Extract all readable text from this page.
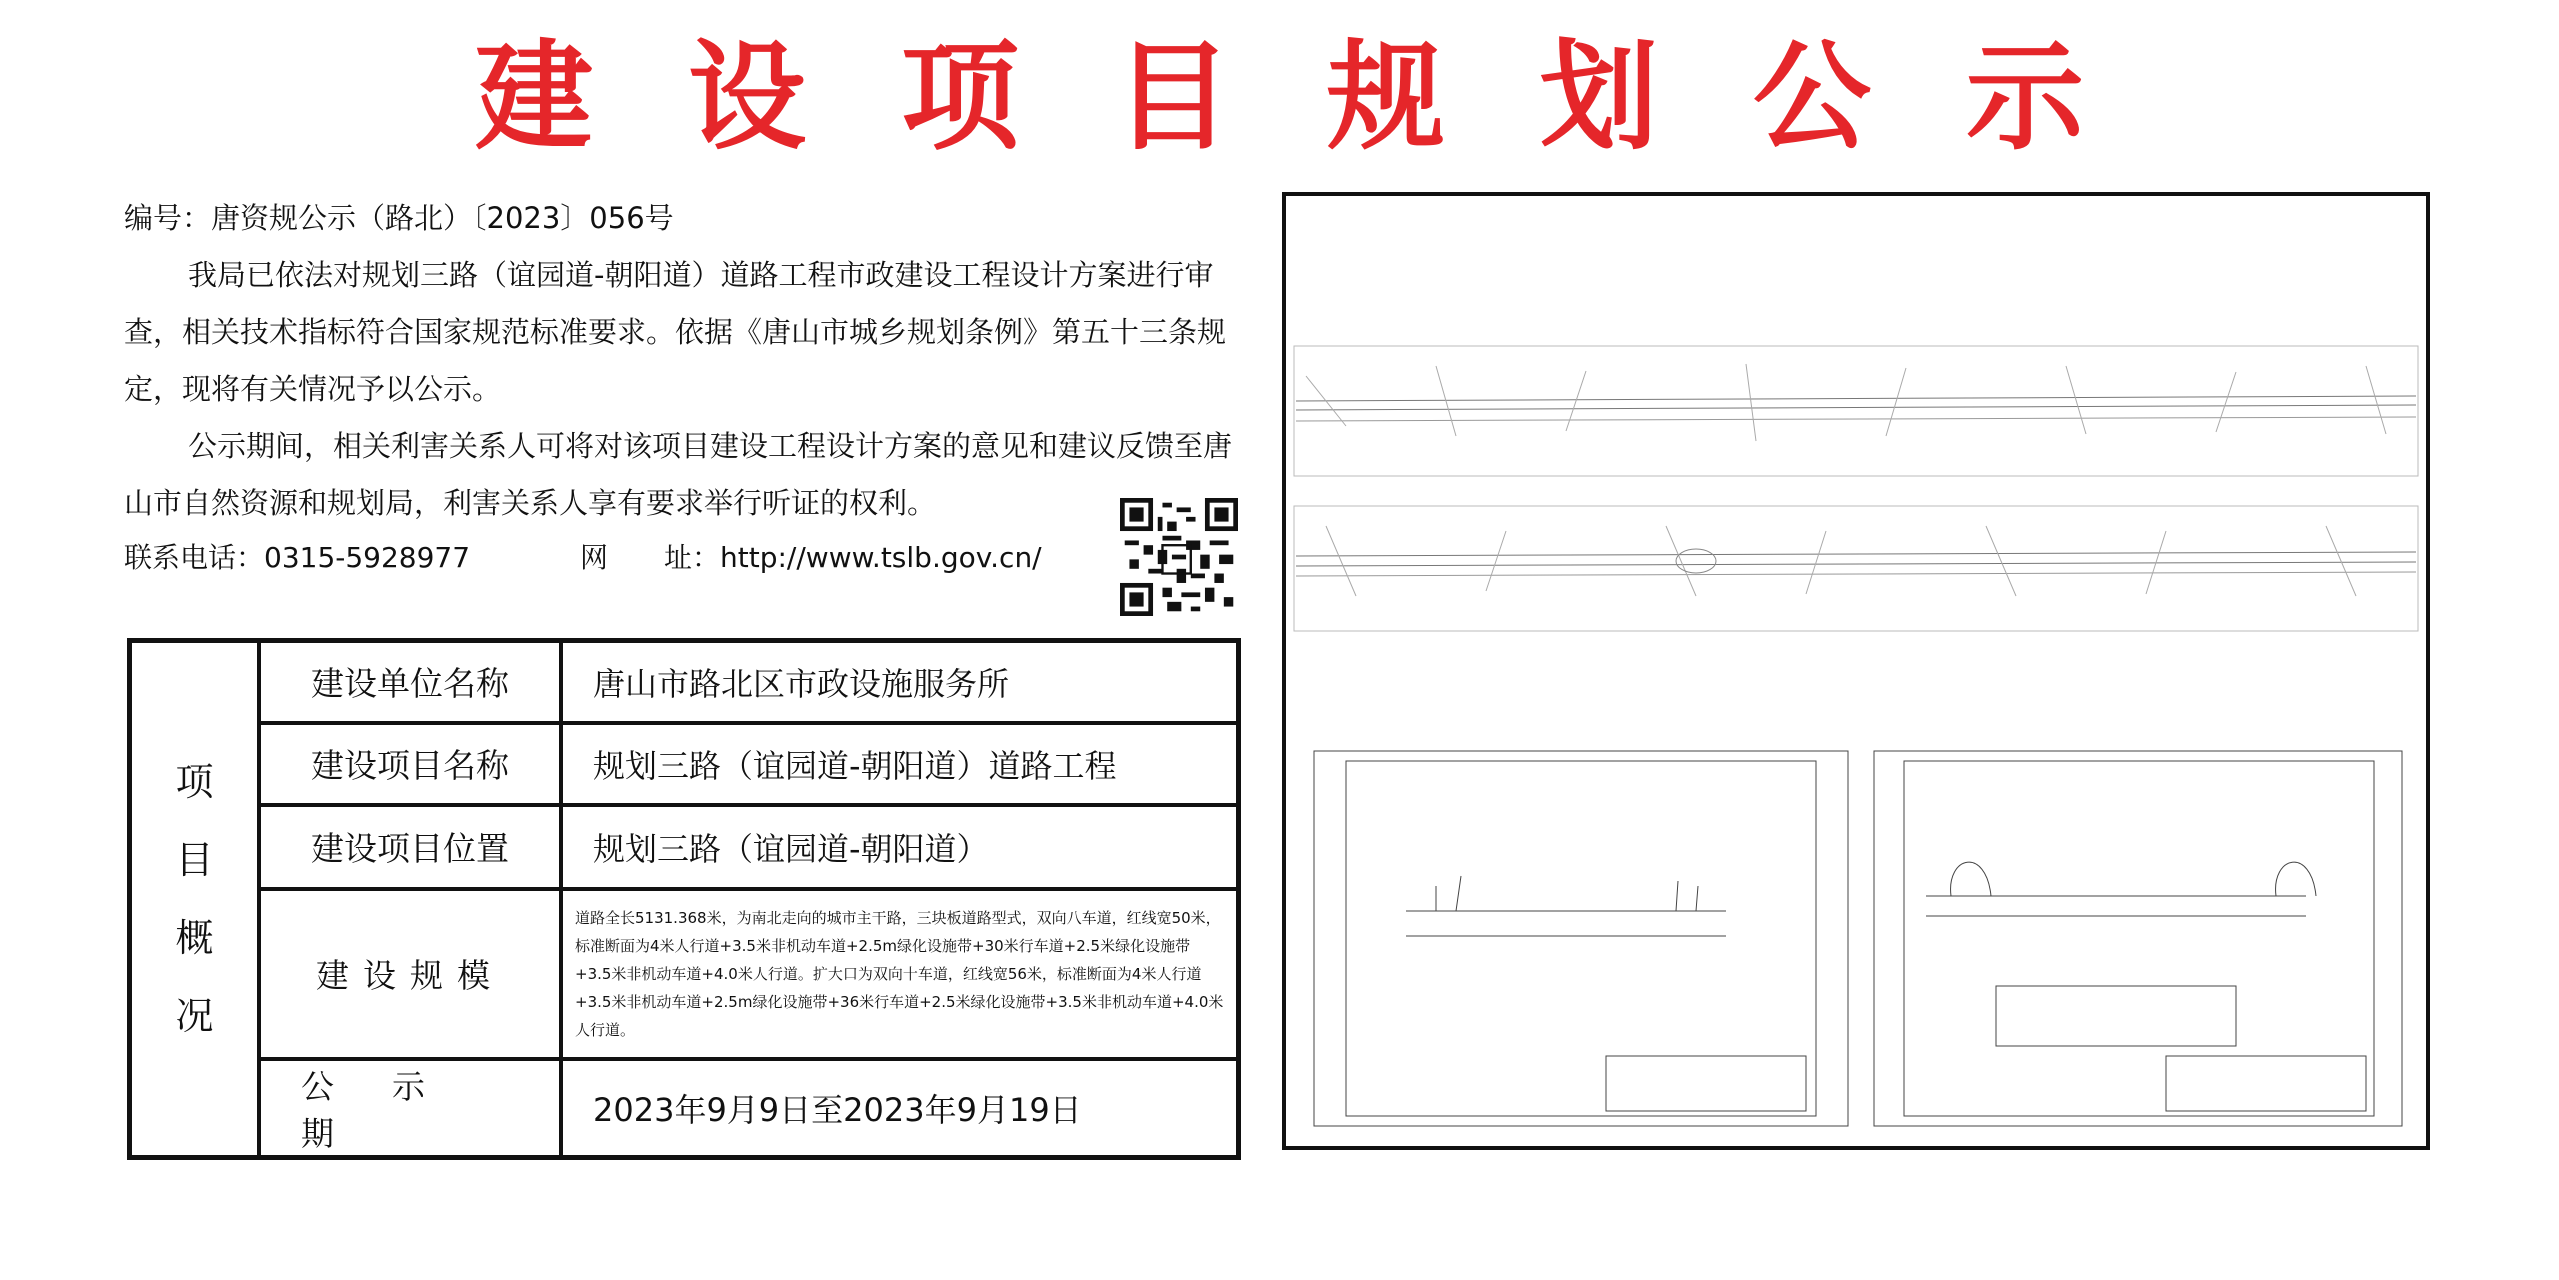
建设项目规划公示

编号：唐资规公示（路北）〔2023〕056号

我局已依法对规划三路（谊园道-朝阳道）道路工程市政建设工程设计方案进行审查，相关技术指标符合国家规范标准要求。依据《唐山市城乡规划条例》第五十三条规定，现将有关情况予以公示。

公示期间，相关利害关系人可将对该项目建设工程设计方案的意见和建议反馈至唐山市自然资源和规划局，利害关系人享有要求举行听证的权利。

联系电话：0315-5928977	网　　址：http://www.tslb.gov.cn/
项
目
概
况	建设单位名称	唐山市路北区市政设施服务所
	建设项目名称	规划三路（谊园道-朝阳道）道路工程
	建设项目位置	规划三路（谊园道-朝阳道）
	建设规模	道路全长5131.368米，为南北走向的城市主干路，三块板道路型式，双向八车道，红线宽50米，标准断面为4米人行道+3.5米非机动车道+2.5m绿化设施带+30米行车道+2.5米绿化设施带+3.5米非机动车道+4.0米人行道。扩大口为双向十车道，红线宽56米，标准断面为4米人行道+3.5米非机动车道+2.5m绿化设施带+36米行车道+2.5米绿化设施带+3.5米非机动车道+4.0米人行道。
	公示期	2023年9月9日至2023年9月19日
